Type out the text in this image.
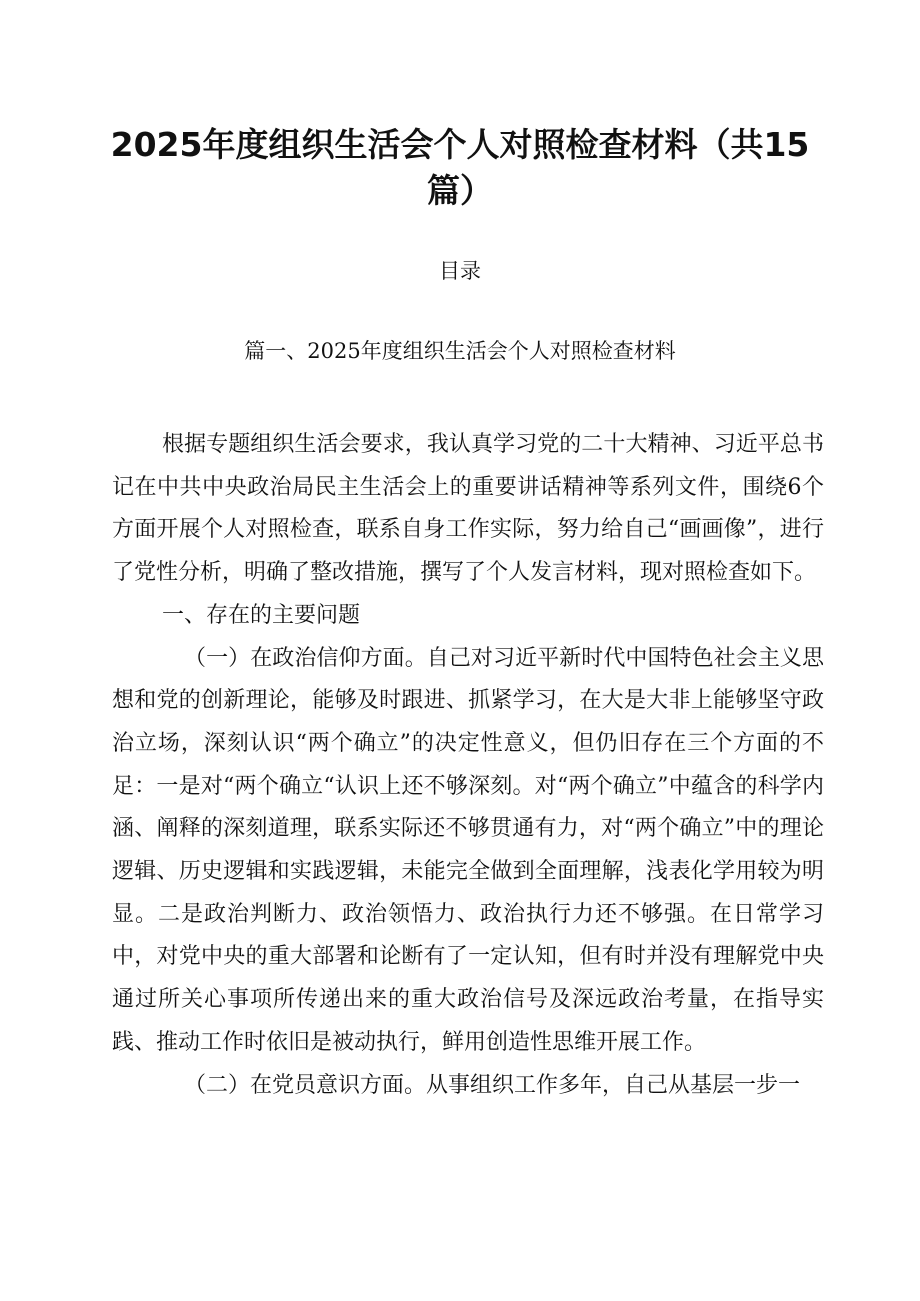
2025年度组织生活会个人对照检查材料（共15篇）

目录

篇一、2025年度组织生活会个人对照检查材料

根据专题组织生活会要求，我认真学习党的二十大精神、习近平总书记在中共中央政治局民主生活会上的重要讲话精神等系列文件，围绕6个方面开展个人对照检查，联系自身工作实际，努力给自己“画画像”，进行了党性分析，明确了整改措施，撰写了个人发言材料，现对照检查如下。

一、存在的主要问题

（一）在政治信仰方面。自己对习近平新时代中国特色社会主义思想和党的创新理论，能够及时跟进、抓紧学习，在大是大非上能够坚守政治立场，深刻认识“两个确立”的决定性意义，但仍旧存在三个方面的不足：一是对“两个确立“认识上还不够深刻。对“两个确立”中蕴含的科学内涵、阐释的深刻道理，联系实际还不够贯通有力，对“两个确立”中的理论逻辑、历史逻辑和实践逻辑，未能完全做到全面理解，浅表化学用较为明显。二是政治判断力、政治领悟力、政治执行力还不够强。在日常学习中，对党中央的重大部署和论断有了一定认知，但有时并没有理解党中央通过所关心事项所传递出来的重大政治信号及深远政治考量，在指导实践、推动工作时依旧是被动执行，鲜用创造性思维开展工作。

（二）在党员意识方面。从事组织工作多年，自己从基层一步一
